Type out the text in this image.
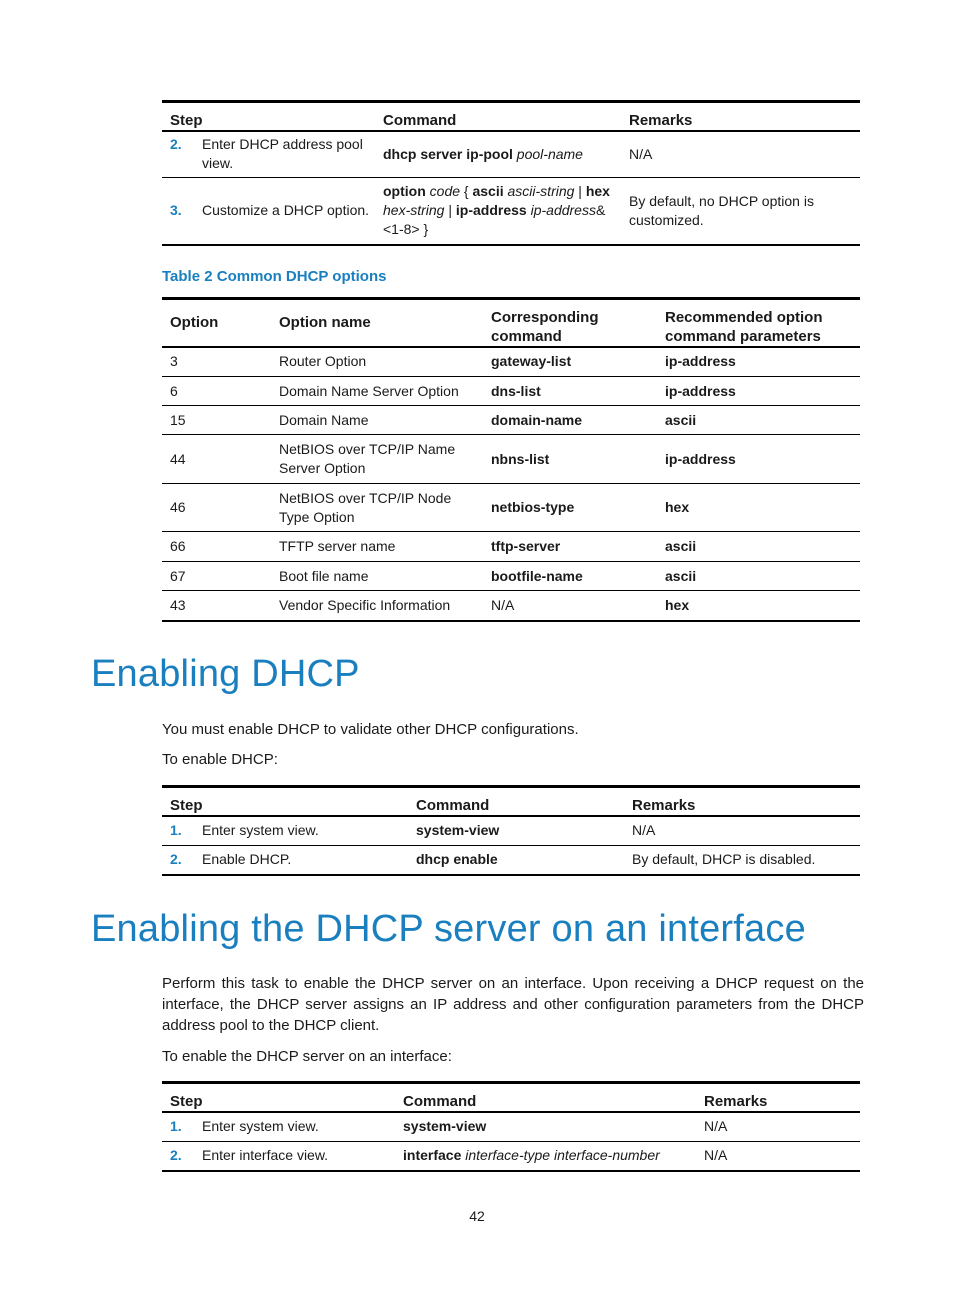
Step	Command	Remarks

2. Enter DHCP address pool view.	dhcp server ip-pool pool-name	N/A

3. Customize a DHCP option.	option code { ascii ascii-string | hex hex-string | ip-address ip-address&<1-8> }	By default, no DHCP option is customized.
Table 2 Common DHCP options
Option	Option name	Corresponding command	Recommended option command parameters
3	Router Option	gateway-list	ip-address
6	Domain Name Server Option	dns-list	ip-address
15	Domain Name	domain-name	ascii
44	NetBIOS over TCP/IP Name Server Option	nbns-list	ip-address
46	NetBIOS over TCP/IP Node Type Option	netbios-type	hex
66	TFTP server name	tftp-server	ascii
67	Boot file name	bootfile-name	ascii
43	Vendor Specific Information	N/A	hex
Enabling DHCP

You must enable DHCP to validate other DHCP configurations.

To enable DHCP:

Step	Command	Remarks
1. Enter system view.	system-view	N/A
2. Enable DHCP.	dhcp enable	By default, DHCP is disabled.
Enabling the DHCP server on an interface

Perform this task to enable the DHCP server on an interface. Upon receiving a DHCP request on the interface, the DHCP server assigns an IP address and other configuration parameters from the DHCP address pool to the DHCP client.

To enable the DHCP server on an interface:

Step	Command	Remarks
1. Enter system view.	system-view	N/A
2. Enter interface view.	interface interface-type interface-number	N/A
42
